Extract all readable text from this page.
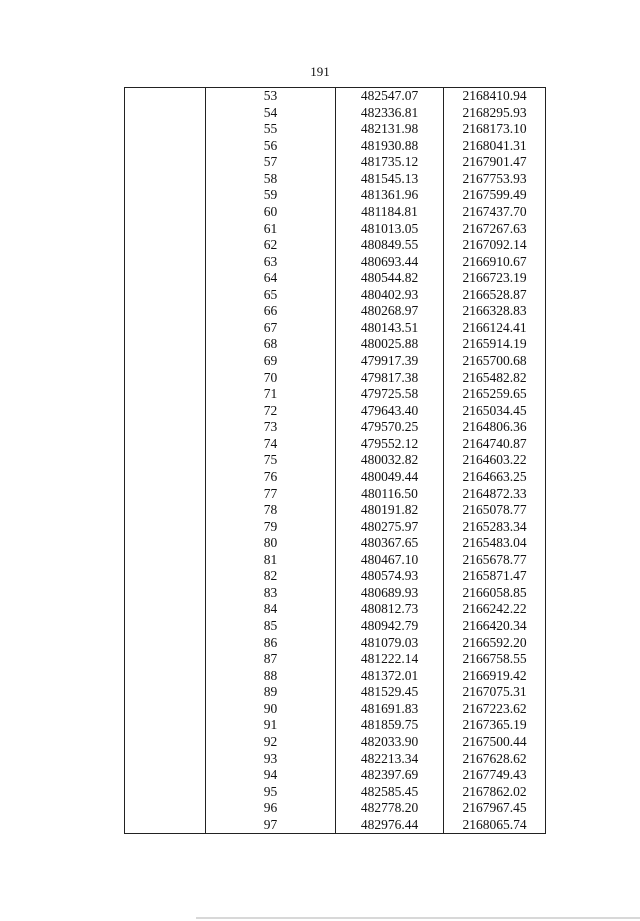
191
	53	482547.07	2168410.94
	54	482336.81	2168295.93
	55	482131.98	2168173.10
	56	481930.88	2168041.31
	57	481735.12	2167901.47
	58	481545.13	2167753.93
	59	481361.96	2167599.49
	60	481184.81	2167437.70
	61	481013.05	2167267.63
	62	480849.55	2167092.14
	63	480693.44	2166910.67
	64	480544.82	2166723.19
	65	480402.93	2166528.87
	66	480268.97	2166328.83
	67	480143.51	2166124.41
	68	480025.88	2165914.19
	69	479917.39	2165700.68
	70	479817.38	2165482.82
	71	479725.58	2165259.65
	72	479643.40	2165034.45
	73	479570.25	2164806.36
	74	479552.12	2164740.87
	75	480032.82	2164603.22
	76	480049.44	2164663.25
	77	480116.50	2164872.33
	78	480191.82	2165078.77
	79	480275.97	2165283.34
	80	480367.65	2165483.04
	81	480467.10	2165678.77
	82	480574.93	2165871.47
	83	480689.93	2166058.85
	84	480812.73	2166242.22
	85	480942.79	2166420.34
	86	481079.03	2166592.20
	87	481222.14	2166758.55
	88	481372.01	2166919.42
	89	481529.45	2167075.31
	90	481691.83	2167223.62
	91	481859.75	2167365.19
	92	482033.90	2167500.44
	93	482213.34	2167628.62
	94	482397.69	2167749.43
	95	482585.45	2167862.02
	96	482778.20	2167967.45
	97	482976.44	2168065.74
